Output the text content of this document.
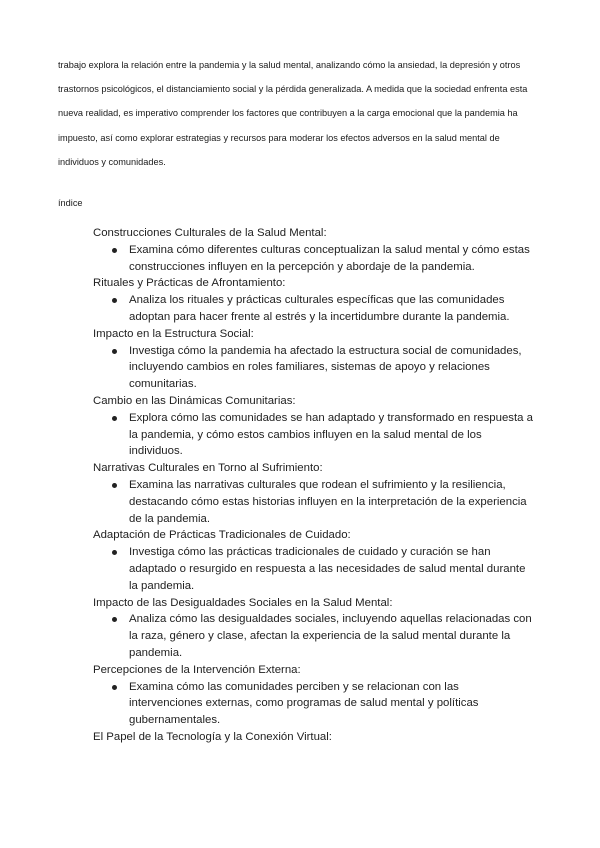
trabajo explora la relación entre la pandemia y la salud mental, analizando cómo la ansiedad, la depresión y otros trastornos psicológicos, el distanciamiento social y la pérdida generalizada. A medida que la sociedad enfrenta esta nueva realidad, es imperativo comprender los factores que contribuyen a la carga emocional que la pandemia ha impuesto, así como explorar estrategias y recursos para moderar los efectos adversos en la salud mental de individuos y comunidades.

índice
Construcciones Culturales de la Salud Mental:
Examina cómo diferentes culturas conceptualizan la salud mental y cómo estas construcciones influyen en la percepción y abordaje de la pandemia.
Rituales y Prácticas de Afrontamiento:
Analiza los rituales y prácticas culturales específicas que las comunidades adoptan para hacer frente al estrés y la incertidumbre durante la pandemia.
Impacto en la Estructura Social:
Investiga cómo la pandemia ha afectado la estructura social de comunidades, incluyendo cambios en roles familiares, sistemas de apoyo y relaciones comunitarias.
Cambio en las Dinámicas Comunitarias:
Explora cómo las comunidades se han adaptado y transformado en respuesta a la pandemia, y cómo estos cambios influyen en la salud mental de los individuos.
Narrativas Culturales en Torno al Sufrimiento:
Examina las narrativas culturales que rodean el sufrimiento y la resiliencia, destacando cómo estas historias influyen en la interpretación de la experiencia de la pandemia.
Adaptación de Prácticas Tradicionales de Cuidado:
Investiga cómo las prácticas tradicionales de cuidado y curación se han adaptado o resurgido en respuesta a las necesidades de salud mental durante la pandemia.
Impacto de las Desigualdades Sociales en la Salud Mental:
Analiza cómo las desigualdades sociales, incluyendo aquellas relacionadas con la raza, género y clase, afectan la experiencia de la salud mental durante la pandemia.
Percepciones de la Intervención Externa:
Examina cómo las comunidades perciben y se relacionan con las intervenciones externas, como programas de salud mental y políticas gubernamentales.
El Papel de la Tecnología y la Conexión Virtual:
